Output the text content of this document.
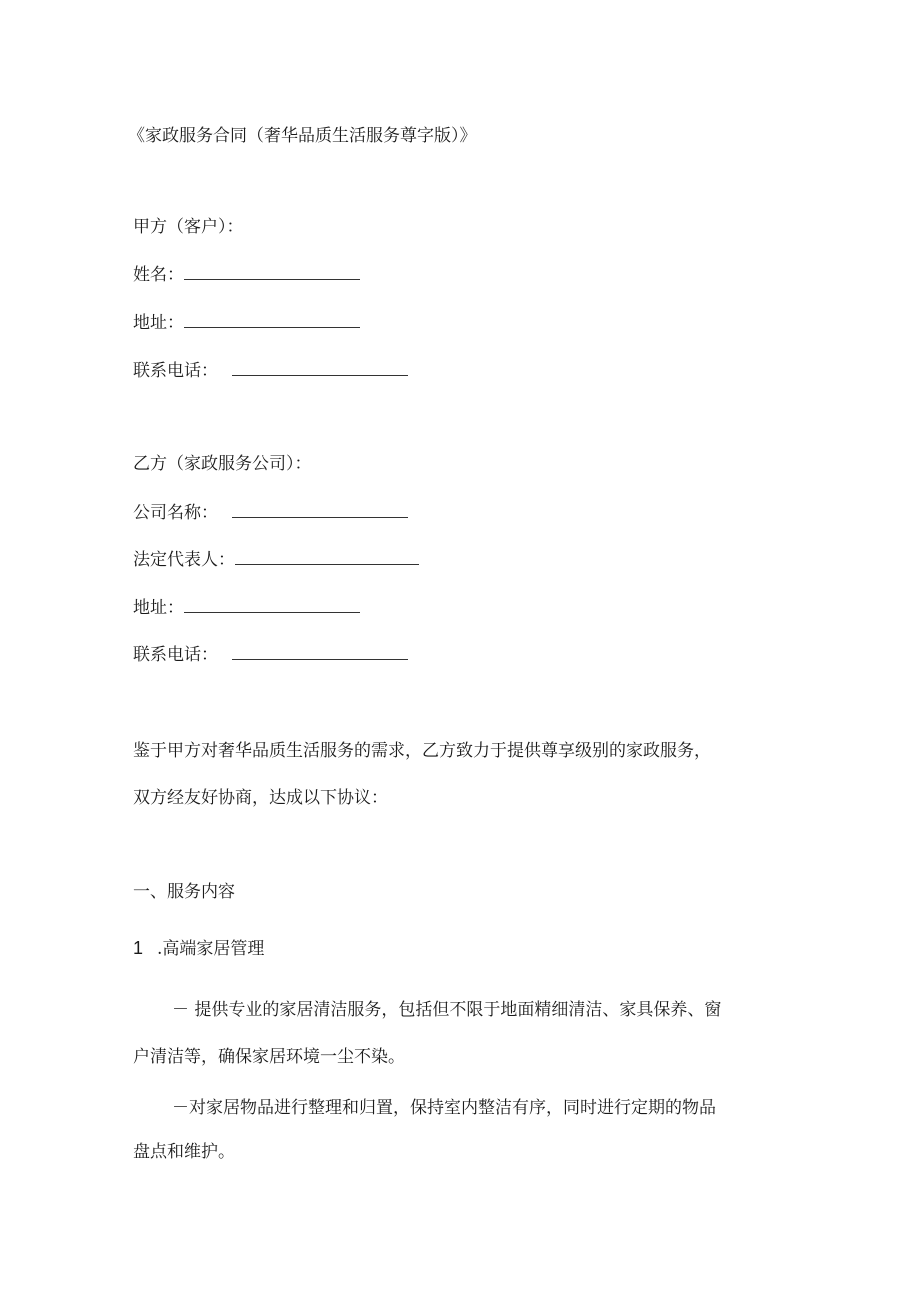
《家政服务合同（奢华品质生活服务尊字版）》
甲方（客户）：
姓名：
地址：
联系电话：
乙方（家政服务公司）：
公司名称：
法定代表人：
地址：
联系电话：
鉴于甲方对奢华品质生活服务的需求，乙方致力于提供尊享级别的家政服务，
双方经友好协商，达成以下协议：
一、服务内容
1 .高端家居管理
－ 提供专业的家居清洁服务，包括但不限于地面精细清洁、家具保养、窗
户清洁等，确保家居环境一尘不染。
－对家居物品进行整理和归置，保持室内整洁有序，同时进行定期的物品
盘点和维护。
